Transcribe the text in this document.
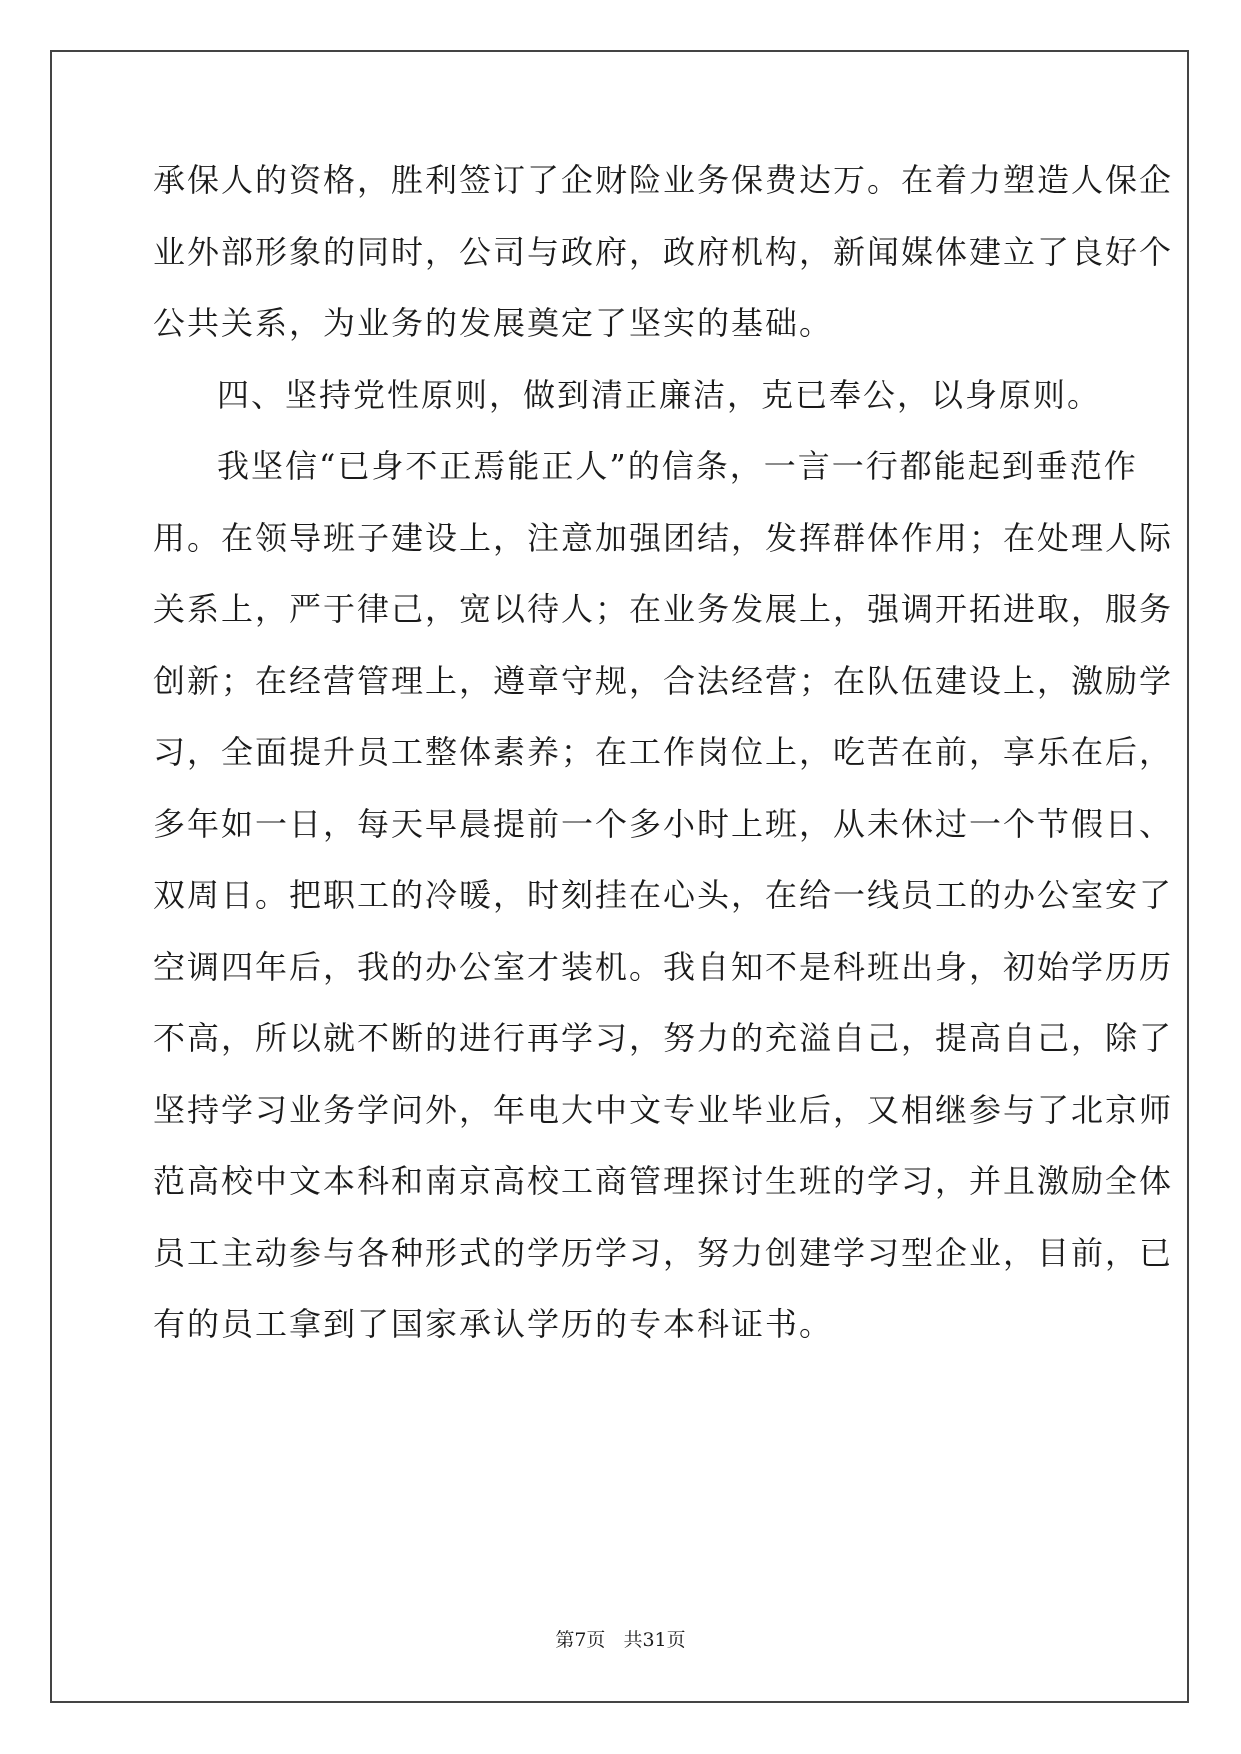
承保人的资格，胜利签订了企财险业务保费达万。在着力塑造人保企
业外部形象的同时，公司与政府，政府机构，新闻媒体建立了良好个
公共关系，为业务的发展奠定了坚实的基础。
四、坚持党性原则，做到清正廉洁，克已奉公，以身原则。
我坚信“已身不正焉能正人”的信条，一言一行都能起到垂范作
用。在领导班子建设上，注意加强团结，发挥群体作用；在处理人际
关系上，严于律己，宽以待人；在业务发展上，强调开拓进取，服务
创新；在经营管理上，遵章守规，合法经营；在队伍建设上，激励学
习，全面提升员工整体素养；在工作岗位上，吃苦在前，享乐在后，
多年如一日，每天早晨提前一个多小时上班，从未休过一个节假日、
双周日。把职工的冷暖，时刻挂在心头，在给一线员工的办公室安了
空调四年后，我的办公室才装机。我自知不是科班出身，初始学历历
不高，所以就不断的进行再学习，努力的充溢自己，提高自己，除了
坚持学习业务学问外，年电大中文专业毕业后，又相继参与了北京师
范高校中文本科和南京高校工商管理探讨生班的学习，并且激励全体
员工主动参与各种形式的学历学习，努力创建学习型企业，目前，已
有的员工拿到了国家承认学历的专本科证书。
第7页 共31页
